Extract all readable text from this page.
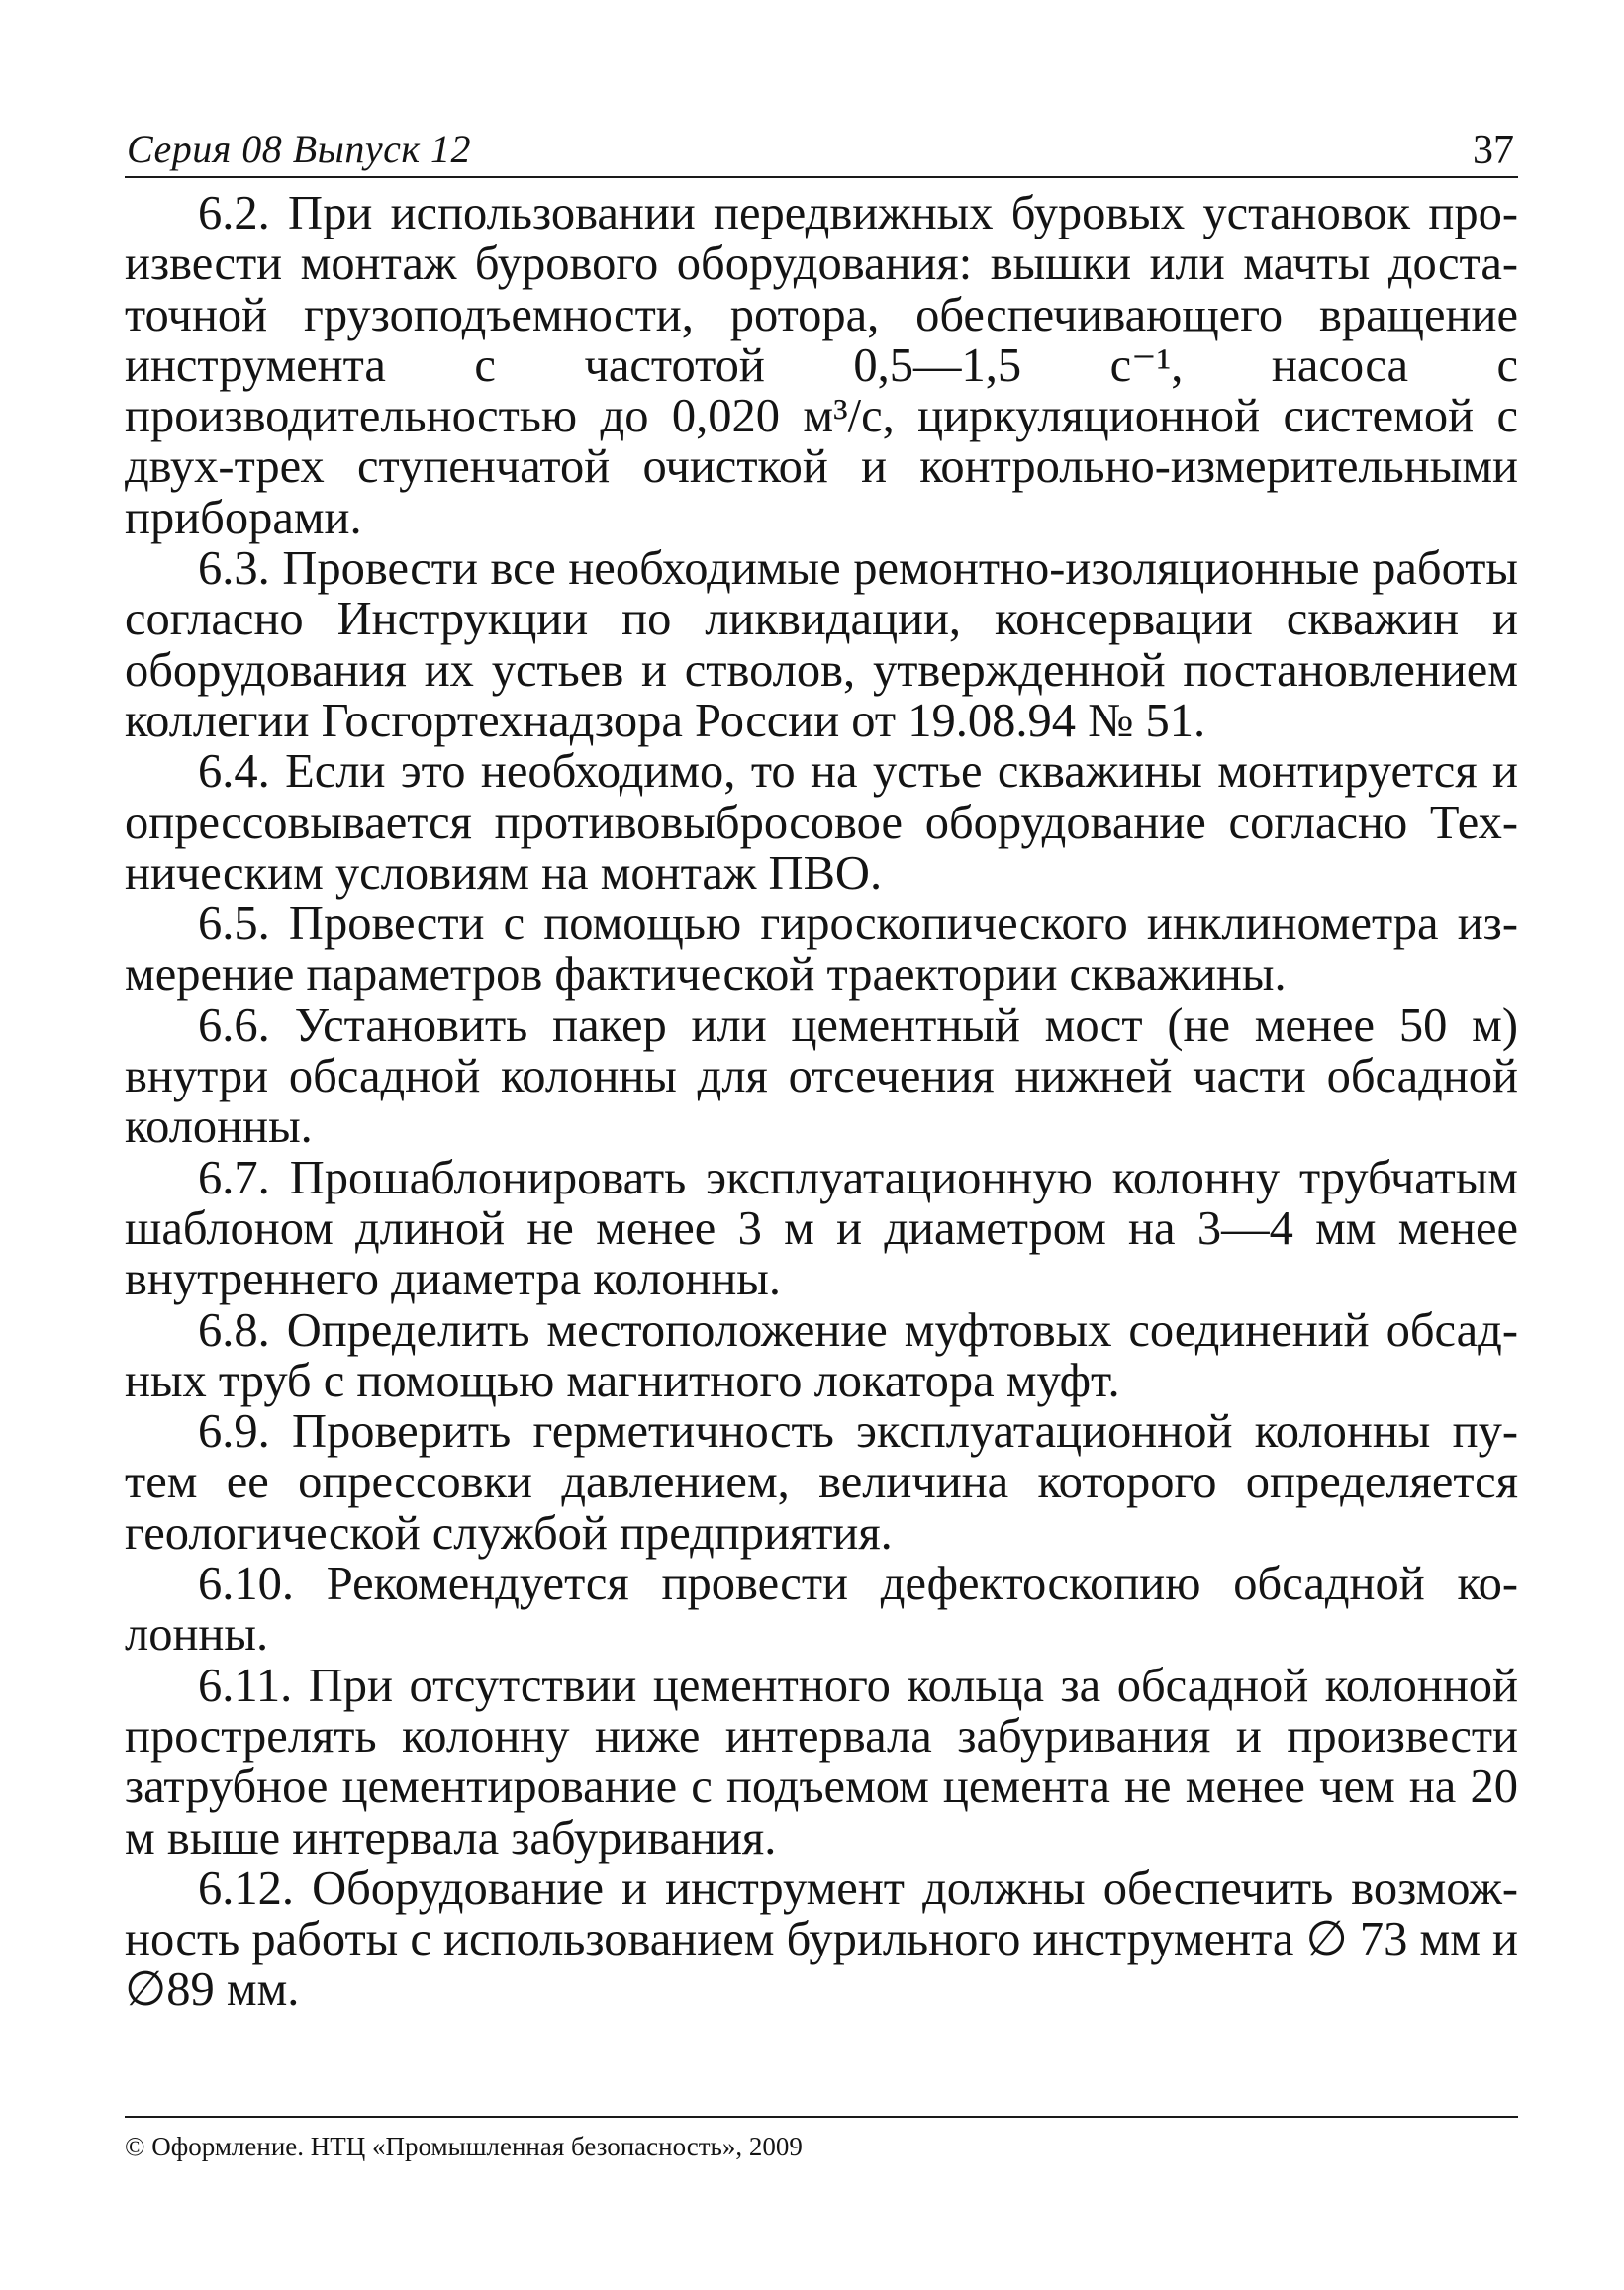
Серия 08 Выпуск 12	37

6.2. При использовании передвижных буровых установок произвести монтаж бурового оборудования: вышки или мачты достаточной грузоподъемности, ротора, обеспечивающего вращение инструмента с частотой 0,5—1,5 с⁻¹, насоса с производительностью до 0,020 м³/с, циркуляционной системой с двух-трех ступенчатой очисткой и контрольно-измерительными приборами.

6.3. Провести все необходимые ремонтно-изоляционные работы согласно Инструкции по ликвидации, консервации скважин и оборудования их устьев и стволов, утвержденной постановлением коллегии Госгортехнадзора России от 19.08.94 № 51.

6.4. Если это необходимо, то на устье скважины монтируется и опрессовывается противовыбросовое оборудование согласно Техническим условиям на монтаж ПВО.

6.5. Провести с помощью гироскопического инклинометра измерение параметров фактической траектории скважины.

6.6. Установить пакер или цементный мост (не менее 50 м) внутри обсадной колонны для отсечения нижней части обсадной колонны.

6.7. Прошаблонировать эксплуатационную колонну трубчатым шаблоном длиной не менее 3 м и диаметром на 3—4 мм менее внутреннего диаметра колонны.

6.8. Определить местоположение муфтовых соединений обсадных труб с помощью магнитного локатора муфт.

6.9. Проверить герметичность эксплуатационной колонны путем ее опрессовки давлением, величина которого определяется геологической службой предприятия.

6.10. Рекомендуется провести дефектоскопию обсадной колонны.

6.11. При отсутствии цементного кольца за обсадной колонной прострелять колонну ниже интервала забуривания и произвести затрубное цементирование с подъемом цемента не менее чем на 20 м выше интервала забуривания.

6.12. Оборудование и инструмент должны обеспечить возможность работы с использованием бурильного инструмента ∅ 73 мм и ∅89 мм.

© Оформление. НТЦ «Промышленная безопасность», 2009
